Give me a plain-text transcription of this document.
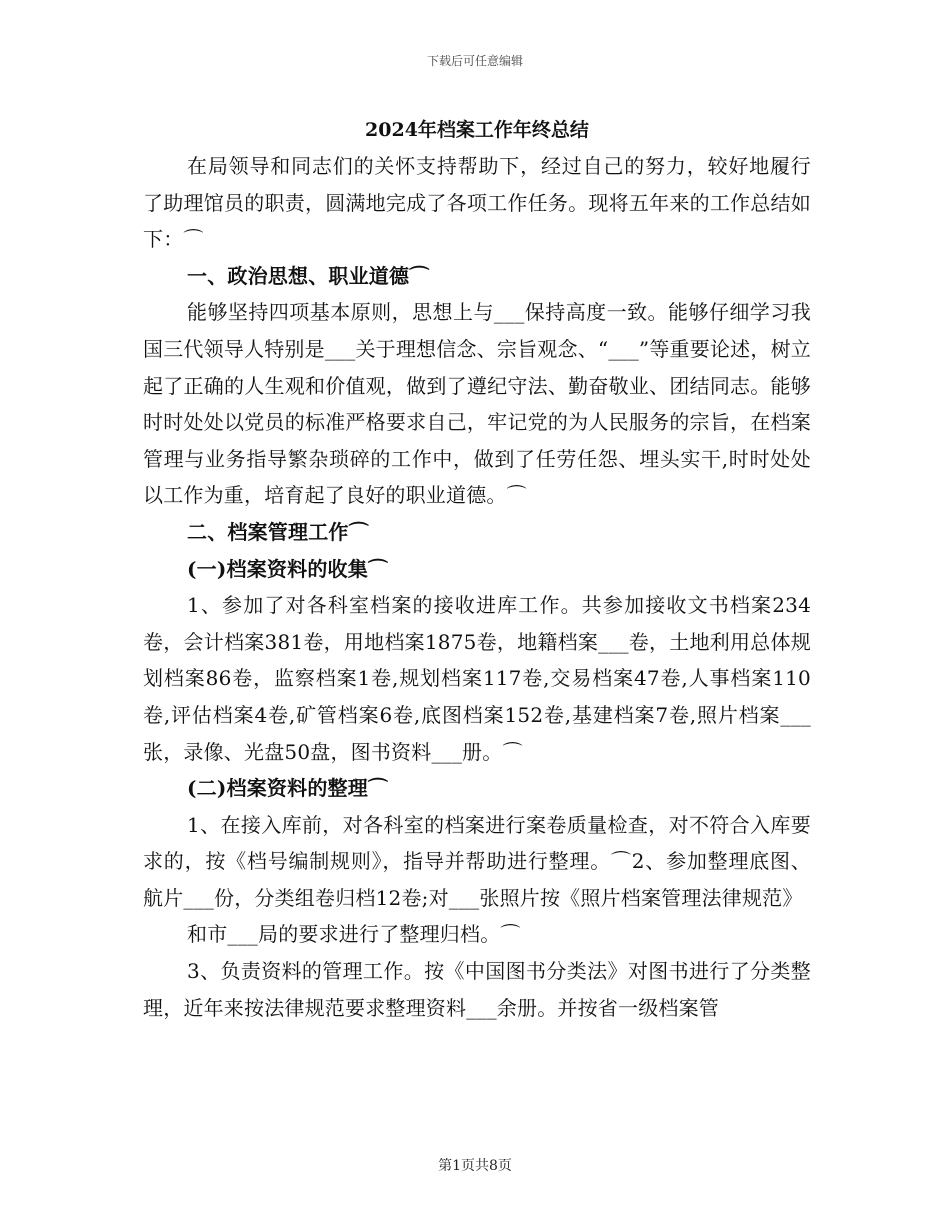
下载后可任意编辑
2024年档案工作年终总结

在局领导和同志们的关怀支持帮助下，经过自己的努力，较好地履行了助理馆员的职责，圆满地完成了各项工作任务。现将五年来的工作总结如下：⌒

一、政治思想、职业道德⌒

能够坚持四项基本原则，思想上与___保持高度一致。能够仔细学习我国三代领导人特别是___关于理想信念、宗旨观念、“___”等重要论述，树立起了正确的人生观和价值观，做到了遵纪守法、勤奋敬业、团结同志。能够时时处处以党员的标准严格要求自己，牢记党的为人民服务的宗旨，在档案管理与业务指导繁杂琐碎的工作中，做到了任劳任怨、埋头实干,时时处处以工作为重，培育起了良好的职业道德。⌒

二、档案管理工作⌒

(一)档案资料的收集⌒

1、参加了对各科室档案的接收进库工作。共参加接收文书档案234卷，会计档案381卷，用地档案1875卷，地籍档案___卷，土地利用总体规划档案86卷，监察档案1卷,规划档案117卷,交易档案47卷,人事档案110卷,评估档案4卷,矿管档案6卷,底图档案152卷,基建档案7卷,照片档案___张，录像、光盘50盘，图书资料___册。⌒

(二)档案资料的整理⌒

1、在接入库前，对各科室的档案进行案卷质量检查，对不符合入库要求的，按《档号编制规则》，指导并帮助进行整理。⌒2、参加整理底图、航片___份，分类组卷归档12卷;对___张照片按《照片档案管理法律规范》

和市___局的要求进行了整理归档。⌒

3、负责资料的管理工作。按《中国图书分类法》对图书进行了分类整理，近年来按法律规范要求整理资料___余册。并按省一级档案管

第1页共8页
